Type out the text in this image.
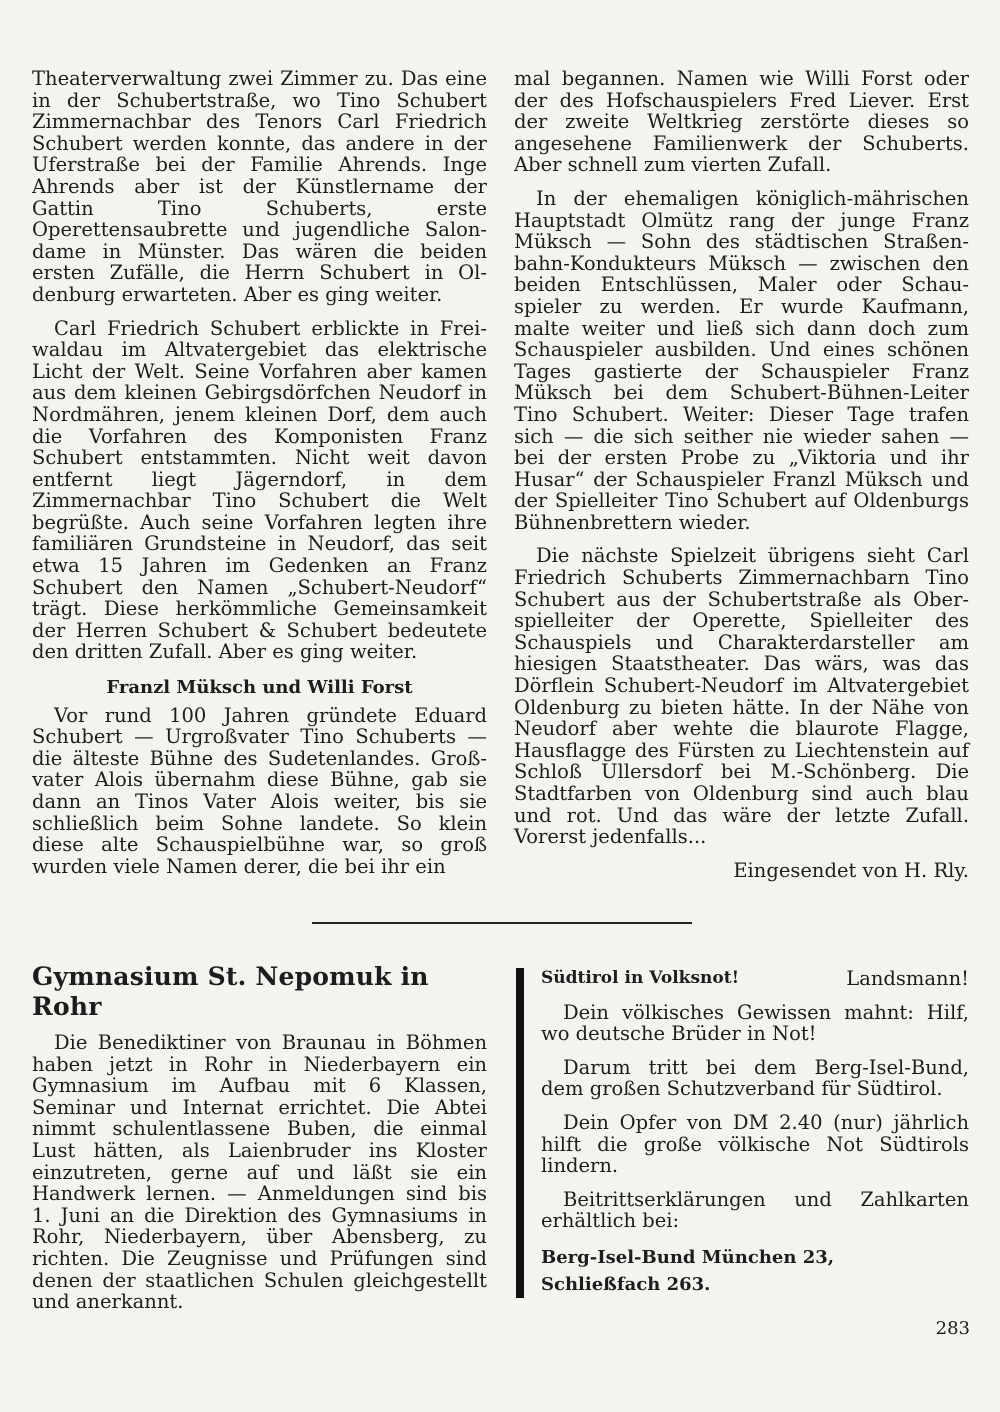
Theaterverwaltung zwei Zimmer zu. Das eine in der Schubertstraße, wo Tino Schubert Zimmernachbar des Tenors Carl Friedrich Schubert werden konnte, das andere in der Uferstraße bei der Familie Ahrends. Inge Ahrends aber ist der Künstlername der Gattin Tino Schuberts, erste Operettensaubrette und jugendliche Salondame in Münster. Das wären die beiden ersten Zufälle, die Herrn Schubert in Oldenburg erwarteten. Aber es ging weiter.

Carl Friedrich Schubert erblickte in Freiwaldau im Altvatergebiet das elektrische Licht der Welt. Seine Vorfahren aber kamen aus dem kleinen Gebirgsdörfchen Neudorf in Nordmähren, jenem kleinen Dorf, dem auch die Vorfahren des Komponisten Franz Schubert entstammten. Nicht weit davon entfernt liegt Jägerndorf, in dem Zimmernachbar Tino Schubert die Welt begrüßte. Auch seine Vorfahren legten ihre familiären Grundsteine in Neudorf, das seit etwa 15 Jahren im Gedenken an Franz Schubert den Namen „Schubert-Neudorf“ trägt. Diese herkömmliche Gemeinsamkeit der Herren Schubert & Schubert bedeutete den dritten Zufall. Aber es ging weiter.

Franzl Müksch und Willi Forst

Vor rund 100 Jahren gründete Eduard Schubert — Urgroßvater Tino Schuberts — die älteste Bühne des Sudetenlandes. Großvater Alois übernahm diese Bühne, gab sie dann an Tinos Vater Alois weiter, bis sie schließlich beim Sohne landete. So klein diese alte Schauspielbühne war, so groß wurden viele Namen derer, die bei ihr ein

mal begannen. Namen wie Willi Forst oder der des Hofschauspielers Fred Liever. Erst der zweite Weltkrieg zerstörte dieses so angesehene Familienwerk der Schuberts. Aber schnell zum vierten Zufall.

In der ehemaligen königlich-mährischen Hauptstadt Olmütz rang der junge Franz Müksch — Sohn des städtischen Straßenbahn-Kondukteurs Müksch — zwischen den beiden Entschlüssen, Maler oder Schauspieler zu werden. Er wurde Kaufmann, malte weiter und ließ sich dann doch zum Schauspieler ausbilden. Und eines schönen Tages gastierte der Schauspieler Franz Müksch bei dem Schubert-Bühnen-Leiter Tino Schubert. Weiter: Dieser Tage trafen sich — die sich seither nie wieder sahen — bei der ersten Probe zu „Viktoria und ihr Husar“ der Schauspieler Franzl Müksch und der Spielleiter Tino Schubert auf Oldenburgs Bühnenbrettern wieder.

Die nächste Spielzeit übrigens sieht Carl Friedrich Schuberts Zimmernachbarn Tino Schubert aus der Schubertstraße als Oberspielleiter der Operette, Spielleiter des Schauspiels und Charakterdarsteller am hiesigen Staatstheater. Das wärs, was das Dörflein Schubert-Neudorf im Altvatergebiet Oldenburg zu bieten hätte. In der Nähe von Neudorf aber wehte die blaurote Flagge, Hausflagge des Fürsten zu Liechtenstein auf Schloß Ullersdorf bei M.-Schönberg. Die Stadtfarben von Oldenburg sind auch blau und rot. Und das wäre der letzte Zufall. Vorerst jedenfalls...

Eingesendet von H. Rly.

Gymnasium St. Nepomuk in Rohr

Die Benediktiner von Braunau in Böhmen haben jetzt in Rohr in Niederbayern ein Gymnasium im Aufbau mit 6 Klassen, Seminar und Internat errichtet. Die Abtei nimmt schulentlassene Buben, die einmal Lust hätten, als Laienbruder ins Kloster einzutreten, gerne auf und läßt sie ein Handwerk lernen. — Anmeldungen sind bis 1. Juni an die Direktion des Gymnasiums in Rohr, Niederbayern, über Abensberg, zu richten. Die Zeugnisse und Prüfungen sind denen der staatlichen Schulen gleichgestellt und anerkannt.

Südtirol in Volksnot!	Landsmann!

Dein völkisches Gewissen mahnt: Hilf, wo deutsche Brüder in Not!

Darum tritt bei dem Berg-Isel-Bund, dem großen Schutzverband für Südtirol.

Dein Opfer von DM 2.40 (nur) jährlich hilft die große völkische Not Südtirols lindern.

Beitrittserklärungen und Zahlkarten erhältlich bei:

Berg-Isel-Bund München 23,
Schließfach 263.

283
